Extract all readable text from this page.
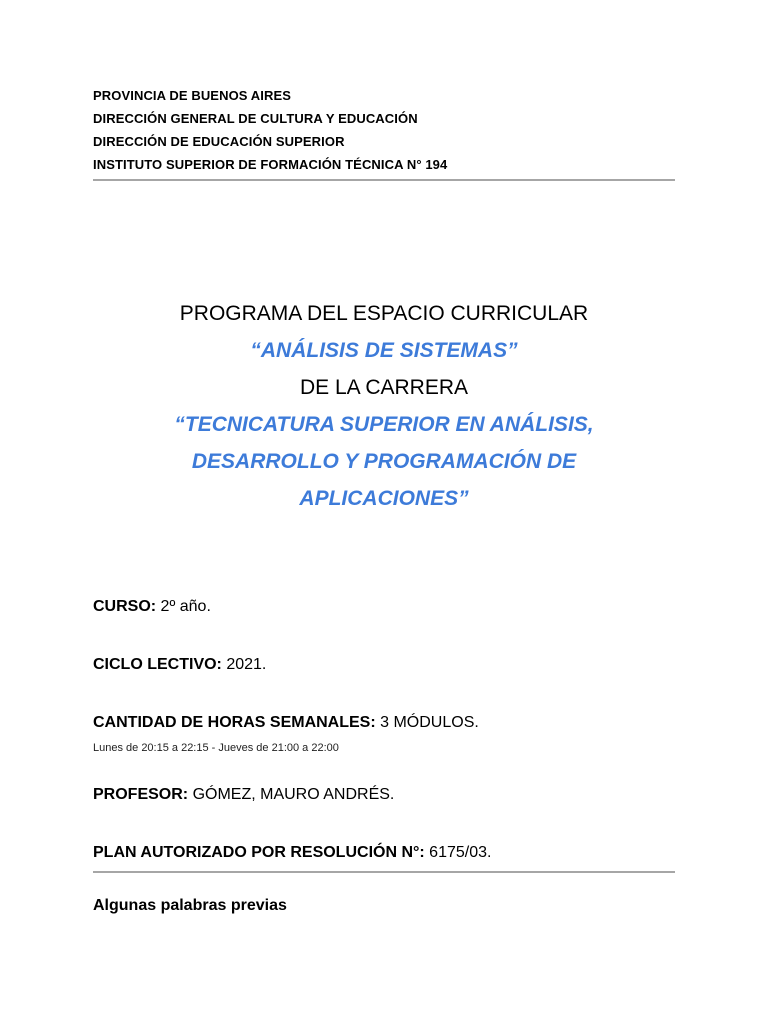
PROVINCIA DE BUENOS AIRES
DIRECCIÓN GENERAL DE CULTURA Y EDUCACIÓN
DIRECCIÓN DE EDUCACIÓN SUPERIOR
INSTITUTO SUPERIOR DE FORMACIÓN TÉCNICA N° 194
PROGRAMA DEL ESPACIO CURRICULAR
“ANÁLISIS DE SISTEMAS”
DE LA CARRERA
“TECNICATURA SUPERIOR EN ANÁLISIS,
DESARROLLO Y PROGRAMACIÓN DE
APLICACIONES”
CURSO: 2º año.
CICLO LECTIVO: 2021.
CANTIDAD DE HORAS SEMANALES: 3 MÓDULOS.
Lunes de 20:15 a 22:15 - Jueves de 21:00 a 22:00
PROFESOR: GÓMEZ, MAURO ANDRÉS.
PLAN AUTORIZADO POR RESOLUCIÓN N°: 6175/03.
Algunas palabras previas
